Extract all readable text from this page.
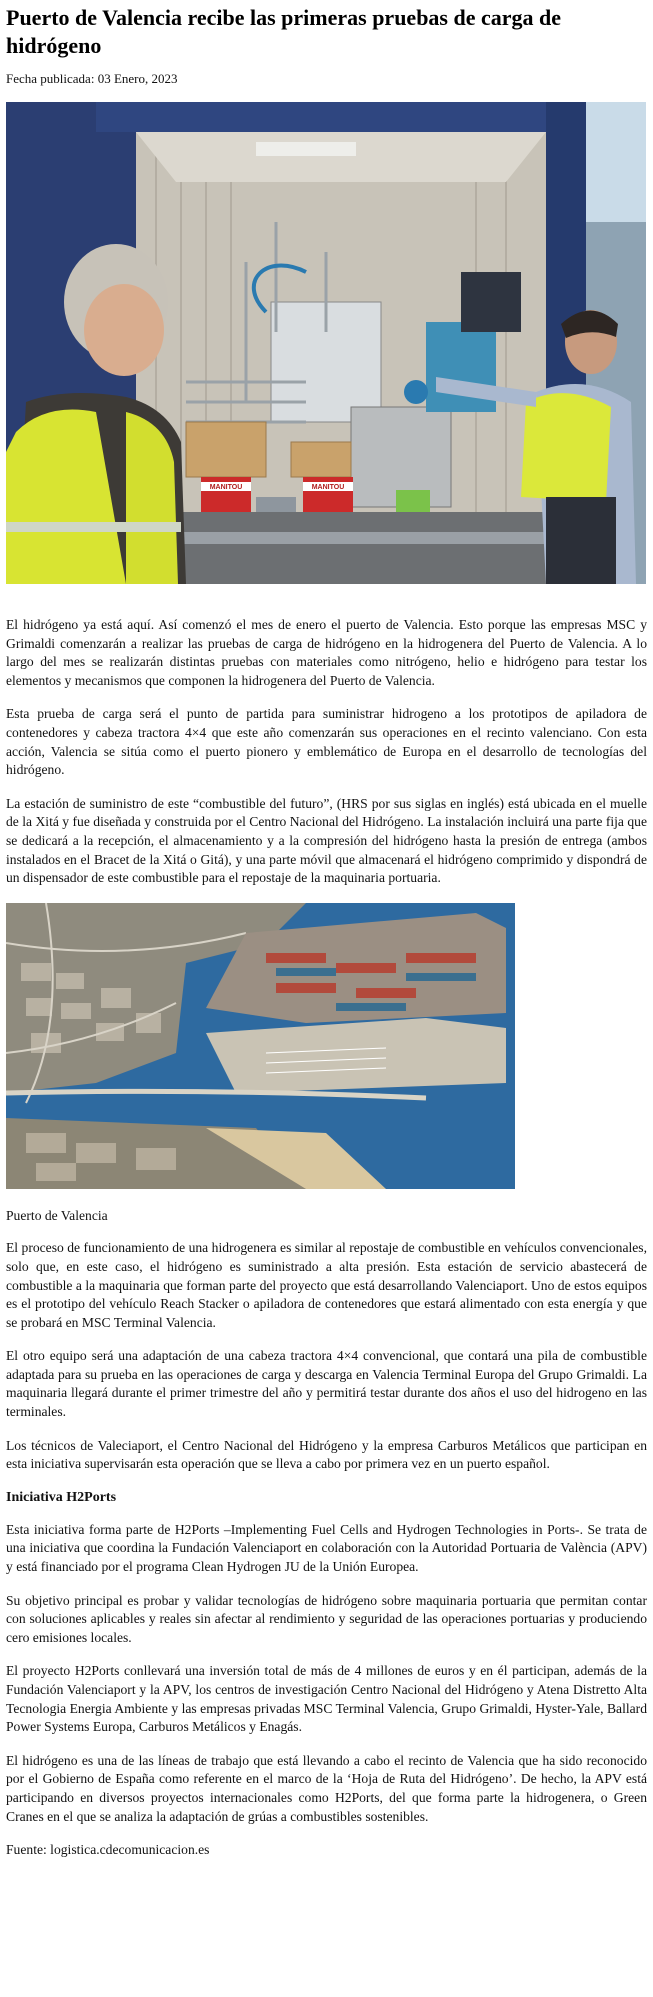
Puerto de Valencia recibe las primeras pruebas de carga de hidrógeno
Fecha publicada: 03 Enero, 2023
MANITOU	MANITOU

El hidrógeno ya está aquí. Así comenzó el mes de enero el puerto de Valencia. Esto porque las empresas MSC y Grimaldi comenzarán a realizar las pruebas de carga de hidrógeno en la hidrogenera del Puerto de Valencia. A lo largo del mes se realizarán distintas pruebas con materiales como nitrógeno, helio e hidrógeno para testar los elementos y mecanismos que componen la hidrogenera del Puerto de Valencia.

Esta prueba de carga será el punto de partida para suministrar hidrogeno a los prototipos de apiladora de contenedores y cabeza tractora 4×4 que este año comenzarán sus operaciones en el recinto valenciano. Con esta acción, Valencia se sitúa como el puerto pionero y emblemático de Europa en el desarrollo de tecnologías del hidrógeno.

La estación de suministro de este “combustible del futuro”, (HRS por sus siglas en inglés) está ubicada en el muelle de la Xitá y fue diseñada y construida por el Centro Nacional del Hidrógeno. La instalación incluirá una parte fija que se dedicará a la recepción, el almacenamiento y a la compresión del hidrógeno hasta la presión de entrega (ambos instalados en el Bracet de la Xitá o Gitá), y una parte móvil que almacenará el hidrógeno comprimido y dispondrá de un dispensador de este combustible para el repostaje de la maquinaria portuaria.

Puerto de Valencia

El proceso de funcionamiento de una hidrogenera es similar al repostaje de combustible en vehículos convencionales, solo que, en este caso, el hidrógeno es suministrado a alta presión. Esta estación de servicio abastecerá de combustible a la maquinaria que forman parte del proyecto que está desarrollando Valenciaport. Uno de estos equipos es el prototipo del vehículo Reach Stacker o apiladora de contenedores que estará alimentado con esta energía y que se probará en MSC Terminal Valencia.

El otro equipo será una adaptación de una cabeza tractora 4×4 convencional, que contará una pila de combustible adaptada para su prueba en las operaciones de carga y descarga en Valencia Terminal Europa del Grupo Grimaldi. La maquinaria llegará durante el primer trimestre del año y permitirá testar durante dos años el uso del hidrogeno en las terminales.

Los técnicos de Valeciaport, el Centro Nacional del Hidrógeno y la empresa Carburos Metálicos que participan en esta iniciativa supervisarán esta operación que se lleva a cabo por primera vez en un puerto español.

Iniciativa H2Ports

Esta iniciativa forma parte de H2Ports –Implementing Fuel Cells and Hydrogen Technologies in Ports-. Se trata de una iniciativa que coordina la Fundación Valenciaport en colaboración con la Autoridad Portuaria de València (APV) y está financiado por el programa Clean Hydrogen JU de la Unión Europea.

Su objetivo principal es probar y validar tecnologías de hidrógeno sobre maquinaria portuaria que permitan contar con soluciones aplicables y reales sin afectar al rendimiento y seguridad de las operaciones portuarias y produciendo cero emisiones locales.

El proyecto H2Ports conllevará una inversión total de más de 4 millones de euros y en él participan, además de la Fundación Valenciaport y la APV, los centros de investigación Centro Nacional del Hidrógeno y Atena Distretto Alta Tecnologia Energia Ambiente y las empresas privadas MSC Terminal Valencia, Grupo Grimaldi, Hyster-Yale, Ballard Power Systems Europa, Carburos Metálicos y Enagás.

El hidrógeno es una de las líneas de trabajo que está llevando a cabo el recinto de Valencia que ha sido reconocido por el Gobierno de España como referente en el marco de la ‘Hoja de Ruta del Hidrógeno’. De hecho, la APV está participando en diversos proyectos internacionales como H2Ports, del que forma parte la hidrogenera, o Green Cranes en el que se analiza la adaptación de grúas a combustibles sostenibles.

Fuente: logistica.cdecomunicacion.es
